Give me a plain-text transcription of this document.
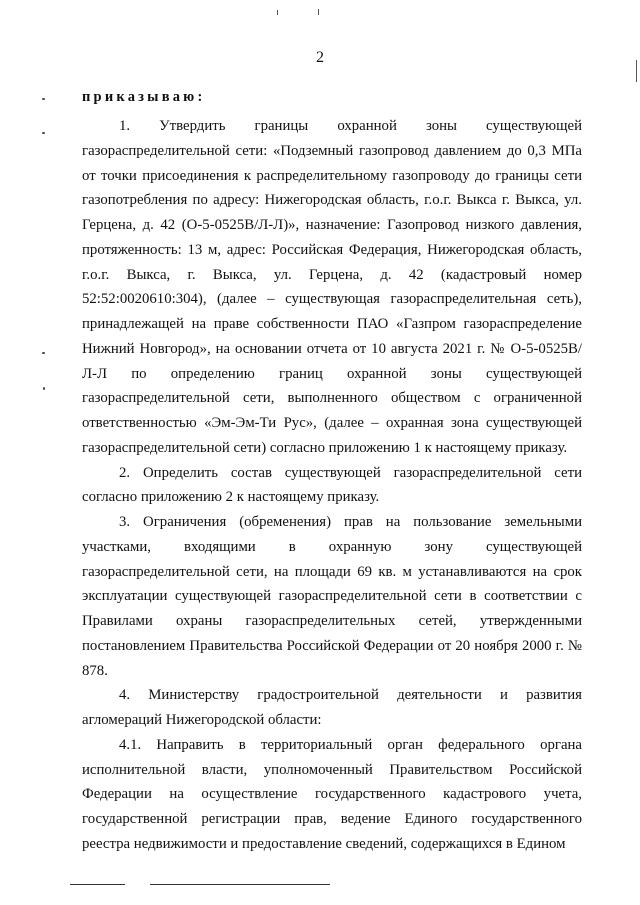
2
приказываю:

1. Утвердить границы охранной зоны существующей газораспределительной сети: «Подземный газопровод давлением до 0,3 МПа от точки присоединения к распределительному газопроводу до границы сети газопотребления по адресу: Нижегородская область, г.о.г. Выкса г. Выкса, ул. Герцена, д. 42 (О-5-0525В/Л-Л)», назначение: Газопровод низкого давления, протяженность: 13 м, адрес: Российская Федерация, Нижегородская область, г.о.г. Выкса, г. Выкса, ул. Герцена, д. 42 (кадастровый номер 52:52:0020610:304), (далее – существующая газораспределительная сеть), принадлежащей на праве собственности ПАО «Газпром газораспределение Нижний Новгород», на основании отчета от 10 августа 2021 г. № О-5-0525В/Л-Л по определению границ охранной зоны существующей газораспределительной сети, выполненного обществом с ограниченной ответственностью «Эм-Эм-Ти Рус», (далее – охранная зона существующей газораспределительной сети) согласно приложению 1 к настоящему приказу.

2. Определить состав существующей газораспределительной сети согласно приложению 2 к настоящему приказу.

3. Ограничения (обременения) прав на пользование земельными участками, входящими в охранную зону существующей газораспределительной сети, на площади 69 кв. м устанавливаются на срок эксплуатации существующей газораспределительной сети в соответствии с Правилами охраны газораспределительных сетей, утвержденными постановлением Правительства Российской Федерации от 20 ноября 2000 г. № 878.

4. Министерству градостроительной деятельности и развития агломераций Нижегородской области:

4.1. Направить в территориальный орган федерального органа исполнительной власти, уполномоченный Правительством Российской Федерации на осуществление государственного кадастрового учета, государственной регистрации прав, ведение Единого государственного реестра недвижимости и предоставление сведений, содержащихся в Едином
